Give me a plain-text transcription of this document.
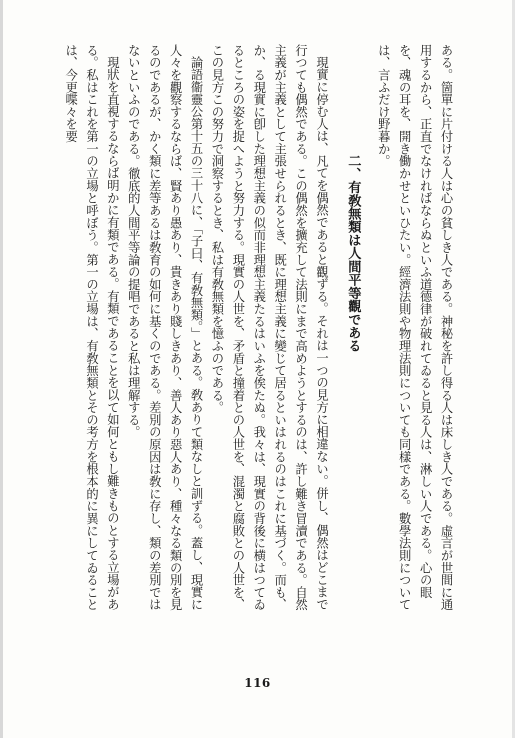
ある。箇單に片付ける人は心の貧しき人である。神秘を許し得る人は床しき人である。虛言が世間に通用するから、正直でなければならぬといふ道德律が破れてゐると見る人は、淋しい人である。心の眼を、魂の耳を、開き働かせといひたい。經濟法則や物理法則についても同樣である。數學法則については、言ふだけ野暮か。

二、有敎無類は人間平等觀である

現實に停む人は、凡てを偶然であると觀ずる。それは一つの見方に相違ない。併し、偶然はどこまで行つても偶然である。この偶然を擴充して法則にまで高めようとするのは、許し難き冒瀆である。自然主義が主義として主張せられるとき、既に理想主義に變じて居るといはれるのはこれに基づく。而も、か、る現實に卽した理想主義の似而非理想主義たるはいふを俟たぬ。我々は、現實の背後に横はつてゐるところの姿を捉へようと努力する。現實の人世を、矛盾と撞着との人世を、混濁と腐敗との人世を、この見方この努力で洞察するとき、私は有敎無類を憶ふのである。

論語衞靈公第十五の三十八に、「子曰、有敎無類。」とある。敎ありて類なしと訓ずる。蓋し、現實に人々を觀察するならば、賢あり愚あり、貴きあり賤しきあり、善人あり惡人あり、種々なる類の別を見るのであるが、かく類に差等あるは敎育の如何に基くのである。差別の原因は敎に存し、類の差別ではないといふのである。徹底的人間平等論の提唱であると私は理解する。

現狀を直視するならば明かに有類である。有類であることを以て如何ともし難きものとする立場がある。私はこれを第一の立場と呼ぼう。第一の立場は、有敎無類とその考方を根本的に異にしてゐることは、今更喋々を要

116
